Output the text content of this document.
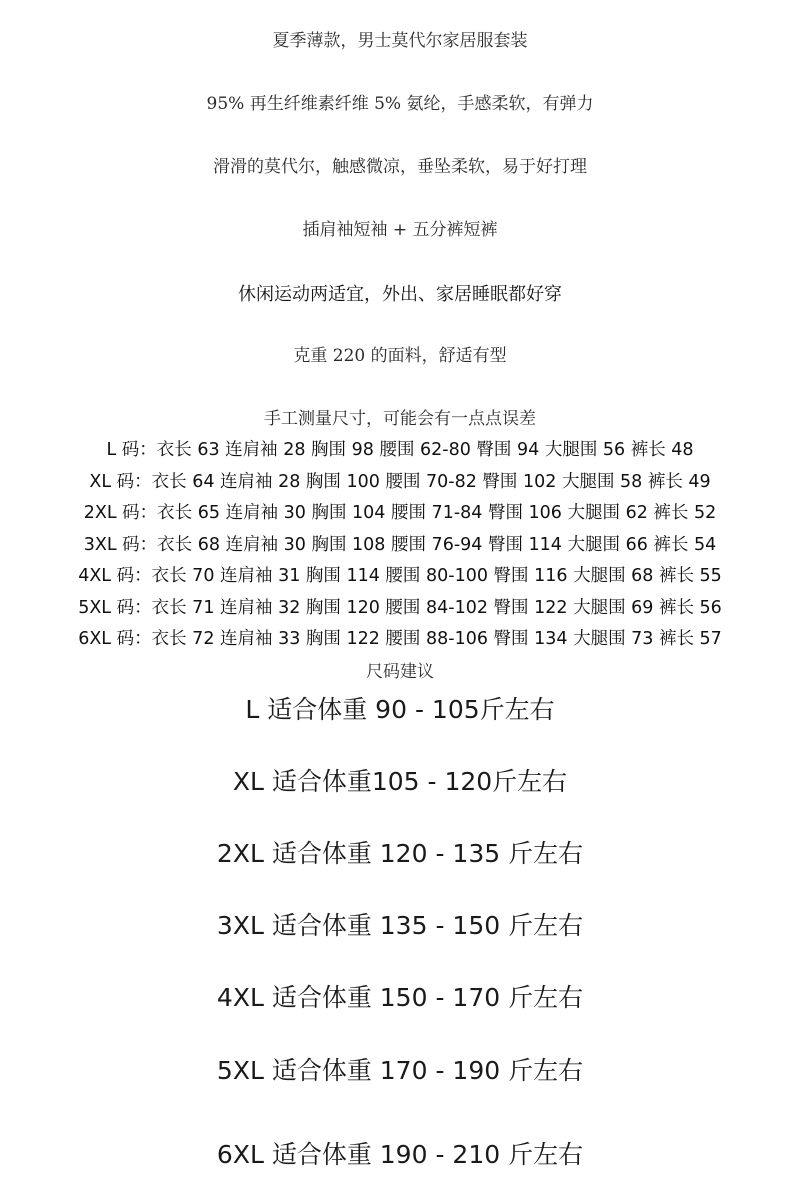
夏季薄款，男士莫代尔家居服套装
95% 再生纤维素纤维 5% 氨纶，手感柔软，有弹力
滑滑的莫代尔，触感微凉，垂坠柔软，易于好打理
插肩袖短袖 + 五分裤短裤
休闲运动两适宜，外出、家居睡眠都好穿
克重 220 的面料，舒适有型
手工测量尺寸，可能会有一点点误差
L 码：衣长 63 连肩袖 28 胸围 98 腰围 62-80 臀围 94 大腿围 56 裤长 48
XL 码：衣长 64 连肩袖 28 胸围 100 腰围 70-82 臀围 102 大腿围 58 裤长 49
2XL 码：衣长 65 连肩袖 30 胸围 104 腰围 71-84 臀围 106 大腿围 62 裤长 52
3XL 码：衣长 68 连肩袖 30 胸围 108 腰围 76-94 臀围 114 大腿围 66 裤长 54
4XL 码：衣长 70 连肩袖 31 胸围 114 腰围 80-100 臀围 116 大腿围 68 裤长 55
5XL 码：衣长 71 连肩袖 32 胸围 120 腰围 84-102 臀围 122 大腿围 69 裤长 56
6XL 码：衣长 72 连肩袖 33 胸围 122 腰围 88-106 臀围 134 大腿围 73 裤长 57
尺码建议
L 适合体重 90 - 105斤左右
XL 适合体重105 - 120斤左右
2XL 适合体重 120 - 135 斤左右
3XL 适合体重 135 - 150 斤左右
4XL 适合体重 150 - 170 斤左右
5XL 适合体重 170 - 190 斤左右
6XL 适合体重 190 - 210 斤左右
